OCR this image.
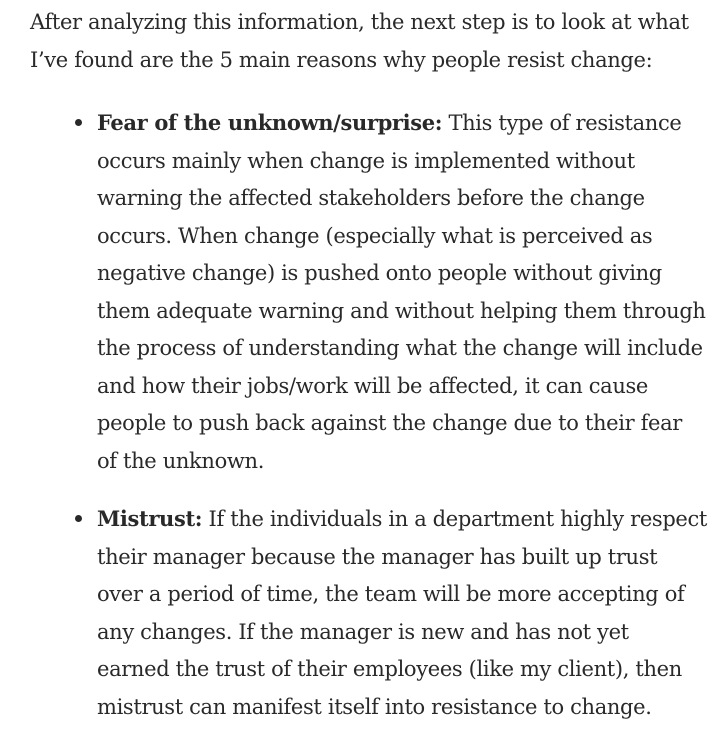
After analyzing this information, the next step is to look at what I’ve found are the 5 main reasons why people resist change:

Fear of the unknown/surprise: This type of resistance occurs mainly when change is implemented without warning the affected stakeholders before the change occurs. When change (especially what is perceived as negative change) is pushed onto people without giving them adequate warning and without helping them through the process of understanding what the change will include and how their jobs/work will be affected, it can cause people to push back against the change due to their fear of the unknown.
Mistrust: If the individuals in a department highly respect their manager because the manager has built up trust over a period of time, the team will be more accepting of any changes. If the manager is new and has not yet earned the trust of their employees (like my client), then mistrust can manifest itself into resistance to change.
